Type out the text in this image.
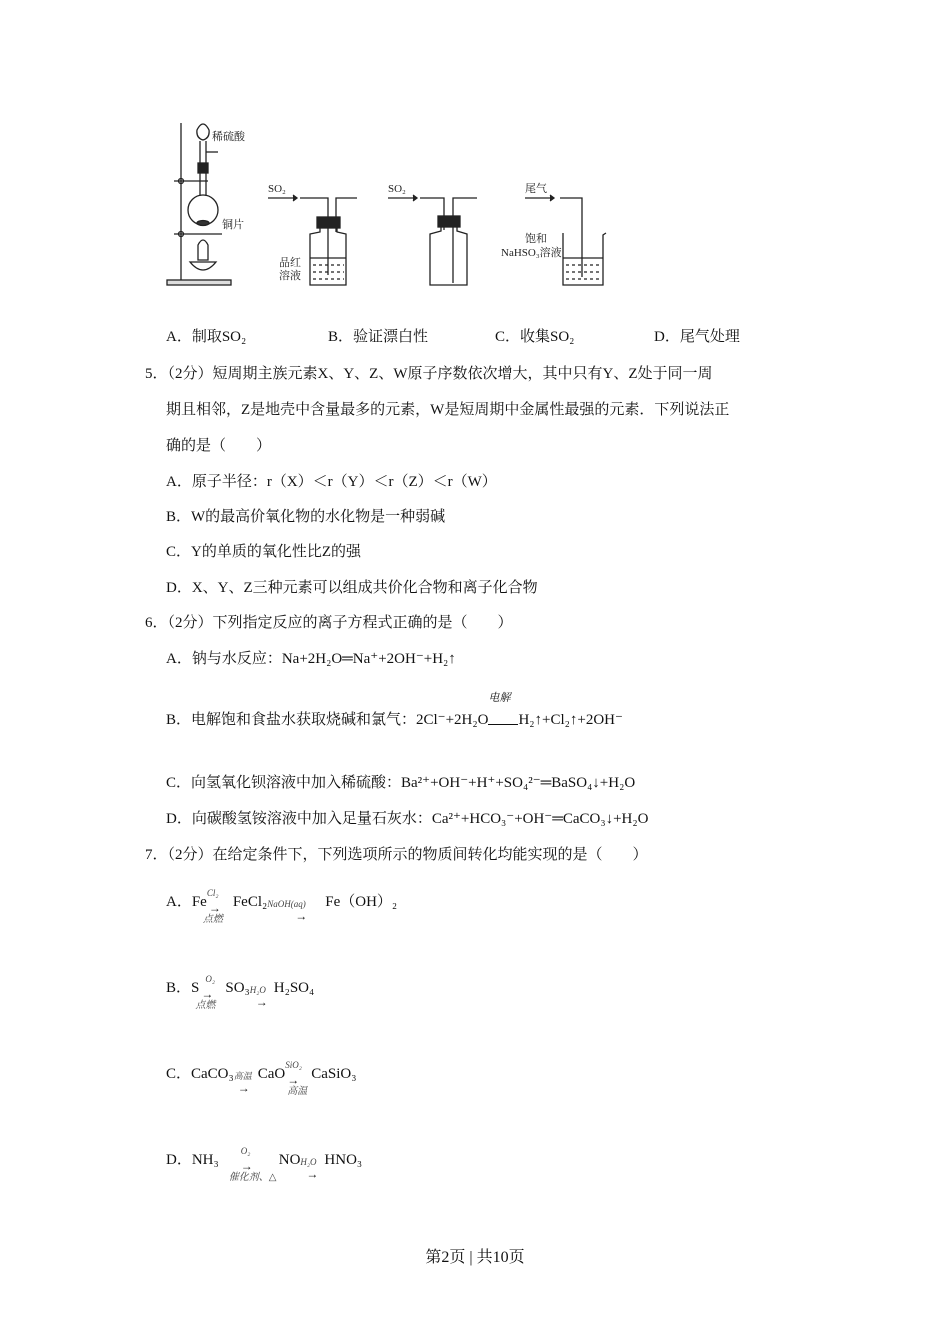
稀硫酸
铜片
SO₂
品红
溶液
SO₂	尾气
饱和
NaHSO₃溶液
A．制取SO₂	B．验证漂白性	C．收集SO₂	D．尾气处理
5．（2分）短周期主族元素X、Y、Z、W原子序数依次增大，其中只有Y、Z处于同一周
期且相邻，Z是地壳中含量最多的元素，W是短周期中金属性最强的元素．下列说法正
确的是（　　）
A．原子半径：r（X）＜r（Y）＜r（Z）＜r（W）
B．W的最高价氧化物的水化物是一种弱碱
C．Y的单质的氧化性比Z的强
D．X、Y、Z三种元素可以组成共价化合物和离子化合物
6．（2分）下列指定反应的离子方程式正确的是（　　）
A．钠与水反应：Na+2H₂O═Na⁺+2OH⁻+H₂↑
B．电解饱和食盐水获取烧碱和氯气：2Cl⁻+2H₂O
电解
H₂↑+Cl₂↑+2OH⁻
C．向氢氧化钡溶液中加入稀硫酸：Ba²⁺+OH⁻+H⁺+SO₄²⁻═BaSO₄↓+H₂O
D．向碳酸氢铵溶液中加入足量石灰水：Ca²⁺+HCO₃⁻+OH⁻═CaCO₃↓+H₂O
7．（2分）在给定条件下，下列选项所示的物质间转化均能实现的是（　　）
A．Fe
Cl₂
→
点燃
FeCl₂ NaOH(aq)
→
Fe（OH）₂
B．S
O₂
→
点燃
SO₃ H₂O
→
H₂SO₄
C．CaCO₃ 高温
→
CaO
SiO₂
→
高温
CaSiO₃
D．NH₃
O₂
→
催化剂、△
NO H₂O
→
HNO₃
第2页 | 共10页
